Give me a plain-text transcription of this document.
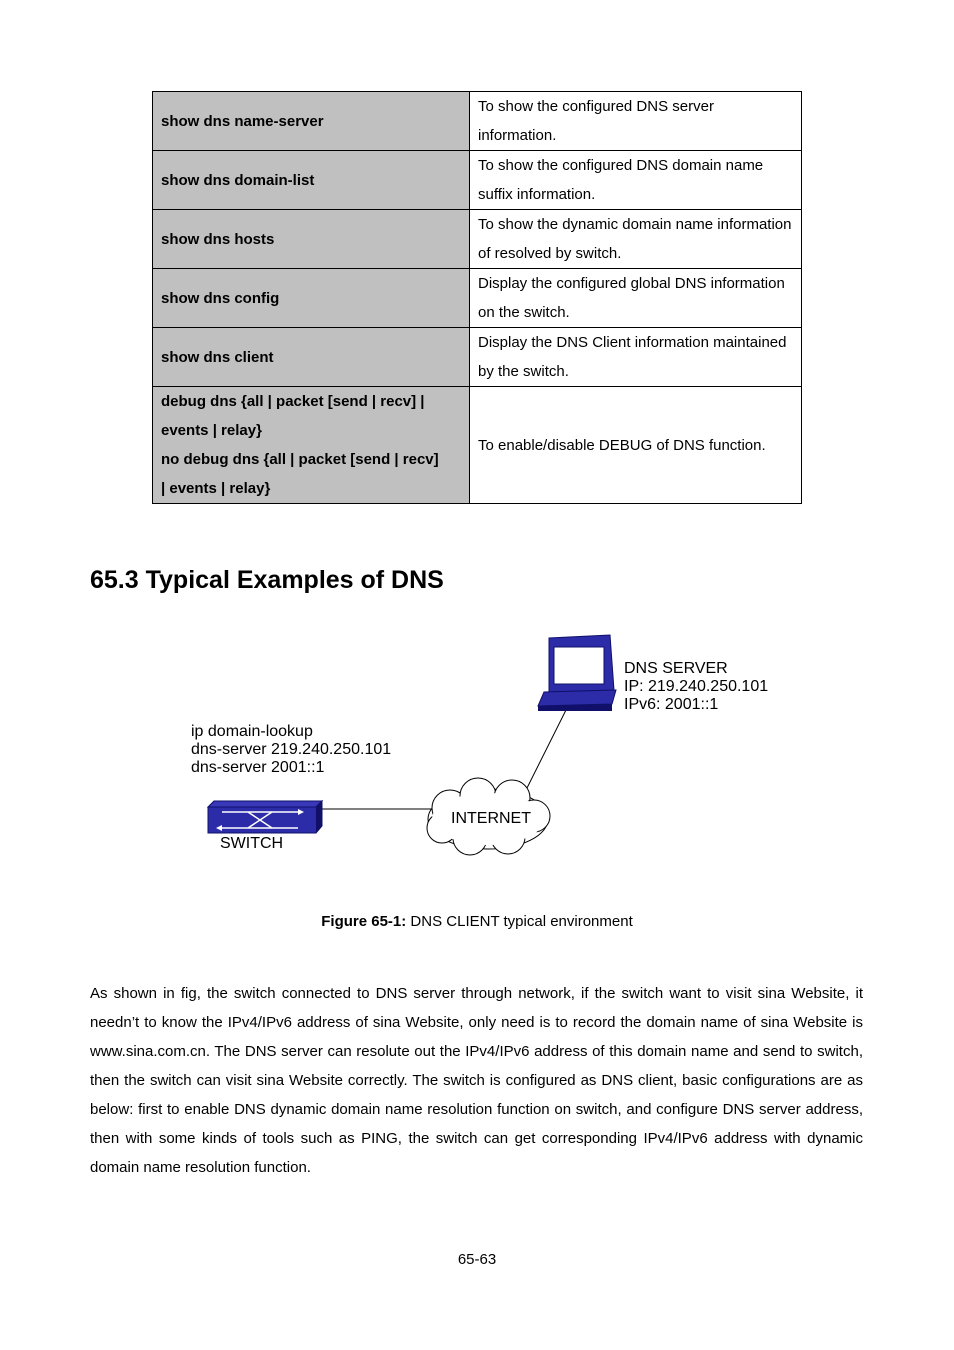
show dns name-server	To show the configured DNS server information.
show dns domain-list	To show the configured DNS domain name suffix information.
show dns hosts	To show the dynamic domain name information of resolved by switch.
show dns config	Display the configured global DNS information on the switch.
show dns client	Display the DNS Client information maintained by the switch.

debug dns {all | packet [send | recv] |
events | relay}
no debug dns {all | packet [send | recv]
| events | relay}	To enable/disable DEBUG of DNS function.
65.3 Typical Examples of DNS
DNS SERVER
IP: 219.240.250.101
IPv6: 2001::1
ip domain-lookup
dns-server 219.240.250.101
dns-server 2001::1
INTERNET
SWITCH
Figure 65-1: DNS CLIENT typical environment

As shown in fig, the switch connected to DNS server through network, if the switch want to visit sina Website, it needn’t to know the IPv4/IPv6 address of sina Website, only need is to record the domain name of sina Website is www.sina.com.cn. The DNS server can resolute out the IPv4/IPv6 address of this domain name and send to switch, then the switch can visit sina Website correctly. The switch is configured as DNS client, basic configurations are as below: first to enable DNS dynamic domain name resolution function on switch, and configure DNS server address, then with some kinds of tools such as PING, the switch can get corresponding IPv4/IPv6 address with dynamic domain name resolution function.

65-63
